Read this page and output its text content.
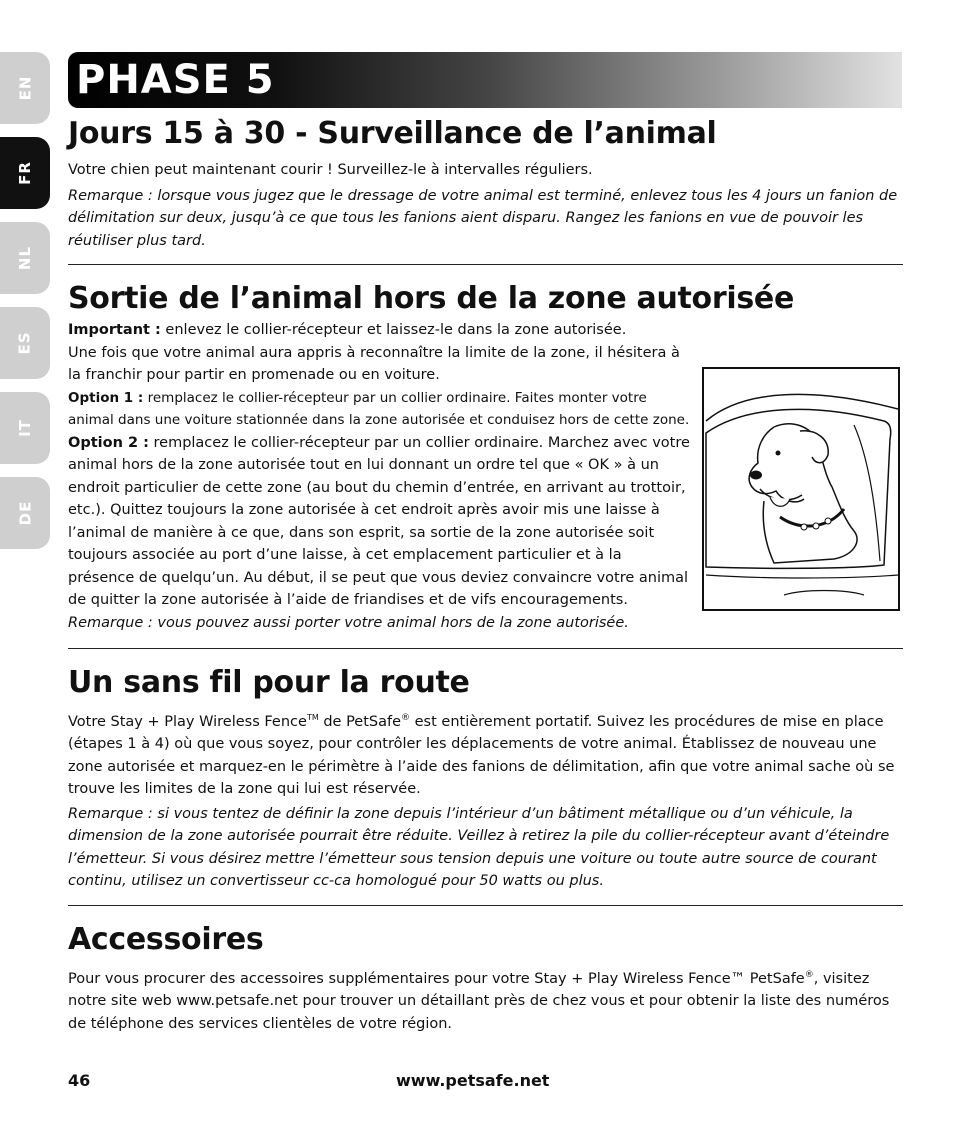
EN
FR
NL
ES
IT
DE
PHASE 5
Jours 15 à 30 - Surveillance de l’animal

Votre chien peut maintenant courir ! Surveillez-le à intervalles réguliers.

Remarque : lorsque vous jugez que le dressage de votre animal est terminé, enlevez tous les 4 jours un fanion de délimitation sur deux, jusqu’à ce que tous les fanions aient disparu. Rangez les fanions en vue de pouvoir les réutiliser plus tard.

Sortie de l’animal hors de la zone autorisée

Important : enlevez le collier-récepteur et laissez-le dans la zone autorisée.

Une fois que votre animal aura appris à reconnaître la limite de la zone, il hésitera à la franchir pour partir en promenade ou en voiture.

Option 1 : remplacez le collier-récepteur par un collier ordinaire. Faites monter votre animal dans une voiture stationnée dans la zone autorisée et conduisez hors de cette zone.

Option 2 : remplacez le collier-récepteur par un collier ordinaire. Marchez avec votre animal hors de la zone autorisée tout en lui donnant un ordre tel que « OK » à un endroit particulier de cette zone (au bout du chemin d’entrée, en arrivant au trottoir, etc.). Quittez toujours la zone autorisée à cet endroit après avoir mis une laisse à l’animal de manière à ce que, dans son esprit, sa sortie de la zone autorisée soit toujours associée au port d’une laisse, à cet emplacement particulier et à la présence de quelqu’un. Au début, il se peut que vous deviez convaincre votre animal de quitter la zone autorisée à l’aide de friandises et de vifs encouragements.

Remarque : vous pouvez aussi porter votre animal hors de la zone autorisée.

Un sans fil pour la route

Votre Stay + Play Wireless Fence™ de PetSafe® est entièrement portatif. Suivez les procédures de mise en place (étapes 1 à 4) où que vous soyez, pour contrôler les déplacements de votre animal. Établissez de nouveau une zone autorisée et marquez-en le périmètre à l’aide des fanions de délimitation, afin que votre animal sache où se trouve les limites de la zone qui lui est réservée.

Remarque : si vous tentez de définir la zone depuis l’intérieur d’un bâtiment métallique ou d’un véhicule, la dimension de la zone autorisée pourrait être réduite. Veillez à retirez la pile du collier-récepteur avant d’éteindre l’émetteur. Si vous désirez mettre l’émetteur sous tension depuis une voiture ou toute autre source de courant continu, utilisez un convertisseur cc-ca homologué pour 50 watts ou plus.

Accessoires

Pour vous procurer des accessoires supplémentaires pour votre Stay + Play Wireless Fence™ PetSafe®, visitez notre site web www.petsafe.net pour trouver un détaillant près de chez vous et pour obtenir la liste des numéros de téléphone des services clientèles de votre région.

46	www.petsafe.net
